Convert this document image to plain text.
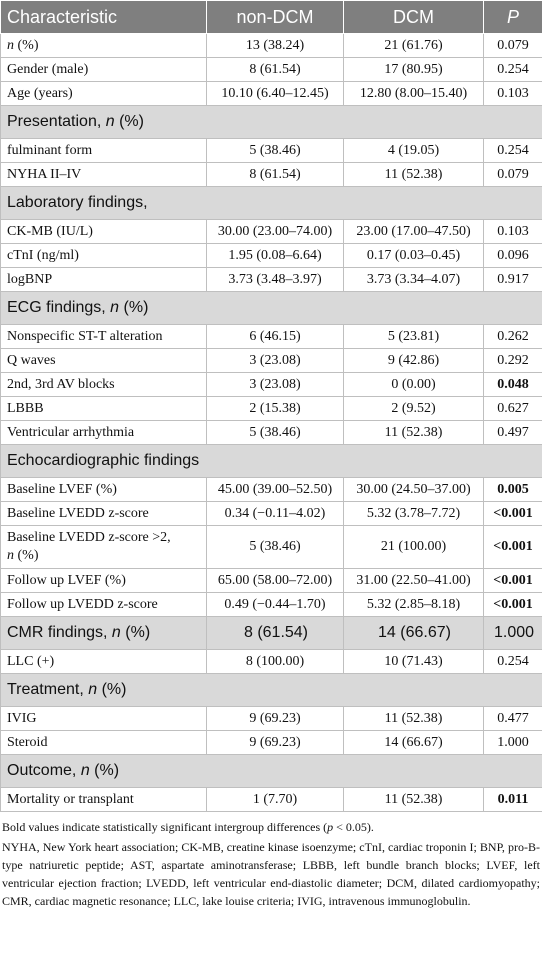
Characteristic	non-DCM	DCM	P
n (%)	13 (38.24)	21 (61.76)	0.079
Gender (male)	8 (61.54)	17 (80.95)	0.254
Age (years)	10.10 (6.40–12.45)	12.80 (8.00–15.40)	0.103
Presentation, n (%)			
fulminant form	5 (38.46)	4 (19.05)	0.254
NYHA II–IV	8 (61.54)	11 (52.38)	0.079
Laboratory findings,			
CK-MB (IU/L)	30.00 (23.00–74.00)	23.00 (17.00–47.50)	0.103
cTnI (ng/ml)	1.95 (0.08–6.64)	0.17 (0.03–0.45)	0.096
logBNP	3.73 (3.48–3.97)	3.73 (3.34–4.07)	0.917
ECG findings, n (%)			
Nonspecific ST-T alteration	6 (46.15)	5 (23.81)	0.262
Q waves	3 (23.08)	9 (42.86)	0.292
2nd, 3rd AV blocks	3 (23.08)	0 (0.00)	0.048
LBBB	2 (15.38)	2 (9.52)	0.627
Ventricular arrhythmia	5 (38.46)	11 (52.38)	0.497
Echocardiographic findings			
Baseline LVEF (%)	45.00 (39.00–52.50)	30.00 (24.50–37.00)	0.005
Baseline LVEDD z-score	0.34 (−0.11–4.02)	5.32 (3.78–7.72)	<0.001
Baseline LVEDD z-score >2,
n (%)	5 (38.46)	21 (100.00)	<0.001
Follow up LVEF (%)	65.00 (58.00–72.00)	31.00 (22.50–41.00)	<0.001
Follow up LVEDD z-score	0.49 (−0.44–1.70)	5.32 (2.85–8.18)	<0.001
CMR findings, n (%)	8 (61.54)	14 (66.67)	1.000
LLC (+)	8 (100.00)	10 (71.43)	0.254
Treatment, n (%)			
IVIG	9 (69.23)	11 (52.38)	0.477
Steroid	9 (69.23)	14 (66.67)	1.000
Outcome, n (%)			
Mortality or transplant	1 (7.70)	11 (52.38)	0.011

Bold values indicate statistically significant intergroup differences (p < 0.05).

NYHA, New York heart association; CK-MB, creatine kinase isoenzyme; cTnI, cardiac troponin I; BNP, pro-B-type natriuretic peptide; AST, aspartate aminotransferase; LBBB, left bundle branch blocks; LVEF, left ventricular ejection fraction; LVEDD, left ventricular end-diastolic diameter; DCM, dilated cardiomyopathy; CMR, cardiac magnetic resonance; LLC, lake louise criteria; IVIG, intravenous immunoglobulin.
